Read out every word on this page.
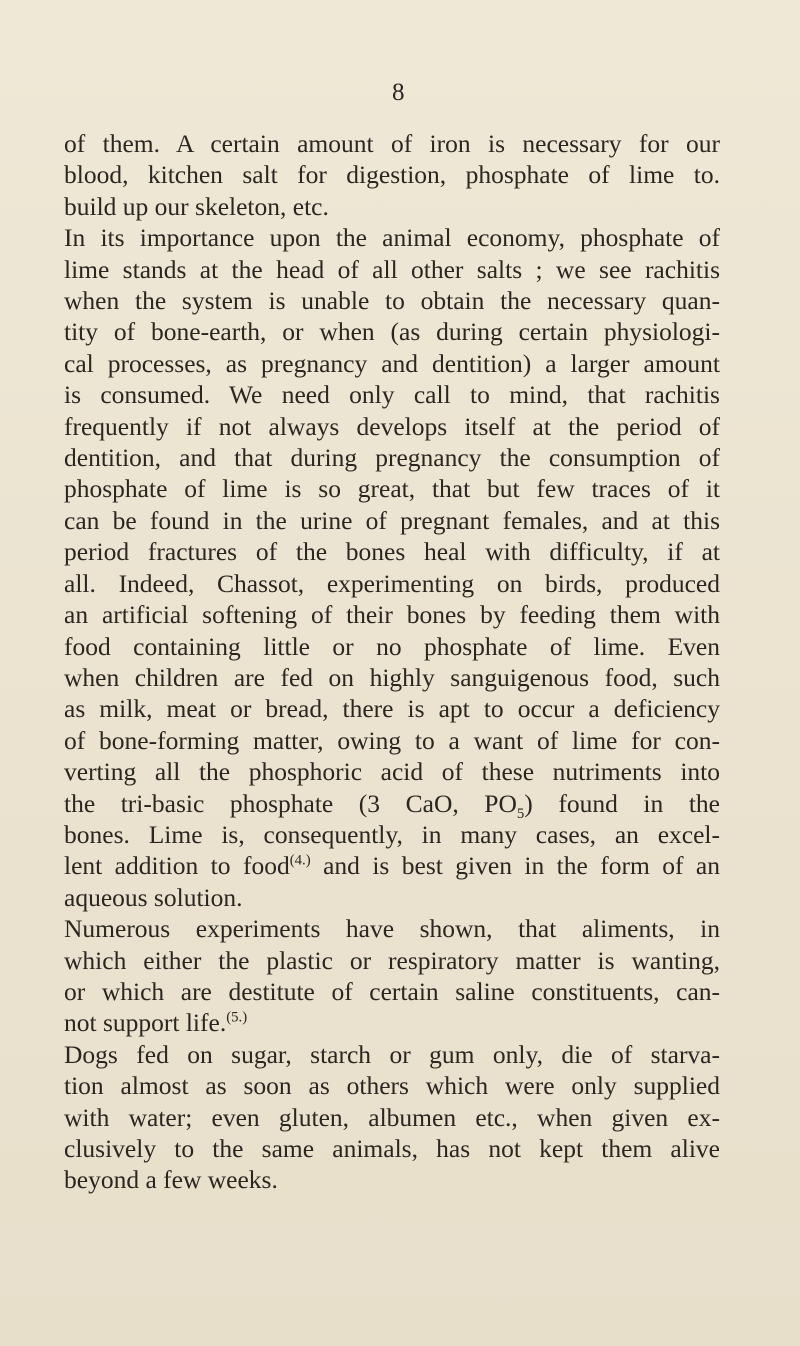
8
of them. A certain amount of iron is necessary for our
blood, kitchen salt for digestion, phosphate of lime to.
build up our skeleton, etc.
In its importance upon the animal economy, phosphate of
lime stands at the head of all other salts ; we see rachitis
when the system is unable to obtain the necessary quan-
tity of bone-earth, or when (as during certain physiologi-
cal processes, as pregnancy and dentition) a larger amount
is consumed. We need only call to mind, that rachitis
frequently if not always develops itself at the period of
dentition, and that during pregnancy the consumption of
phosphate of lime is so great, that but few traces of it
can be found in the urine of pregnant females, and at this
period fractures of the bones heal with difficulty, if at
all. Indeed, Chassot, experimenting on birds, produced
an artificial softening of their bones by feeding them with
food containing little or no phosphate of lime. Even
when children are fed on highly sanguigenous food, such
as milk, meat or bread, there is apt to occur a deficiency
of bone-forming matter, owing to a want of lime for con-
verting all the phosphoric acid of these nutriments into
the tri-basic phosphate (3 CaO, $PO_5$) found in the
bones. Lime is, consequently, in many cases, an excel-
lent addition to food$^{(4.)}$ and is best given in the form of an
aqueous solution.
Numerous experiments have shown, that aliments, in
which either the plastic or respiratory matter is wanting,
or which are destitute of certain saline constituents, can-
not support life.$^{(5.)}$
Dogs fed on sugar, starch or gum only, die of starva-
tion almost as soon as others which were only supplied
with water; even gluten, albumen etc., when given ex-
clusively to the same animals, has not kept them alive
beyond a few weeks.
